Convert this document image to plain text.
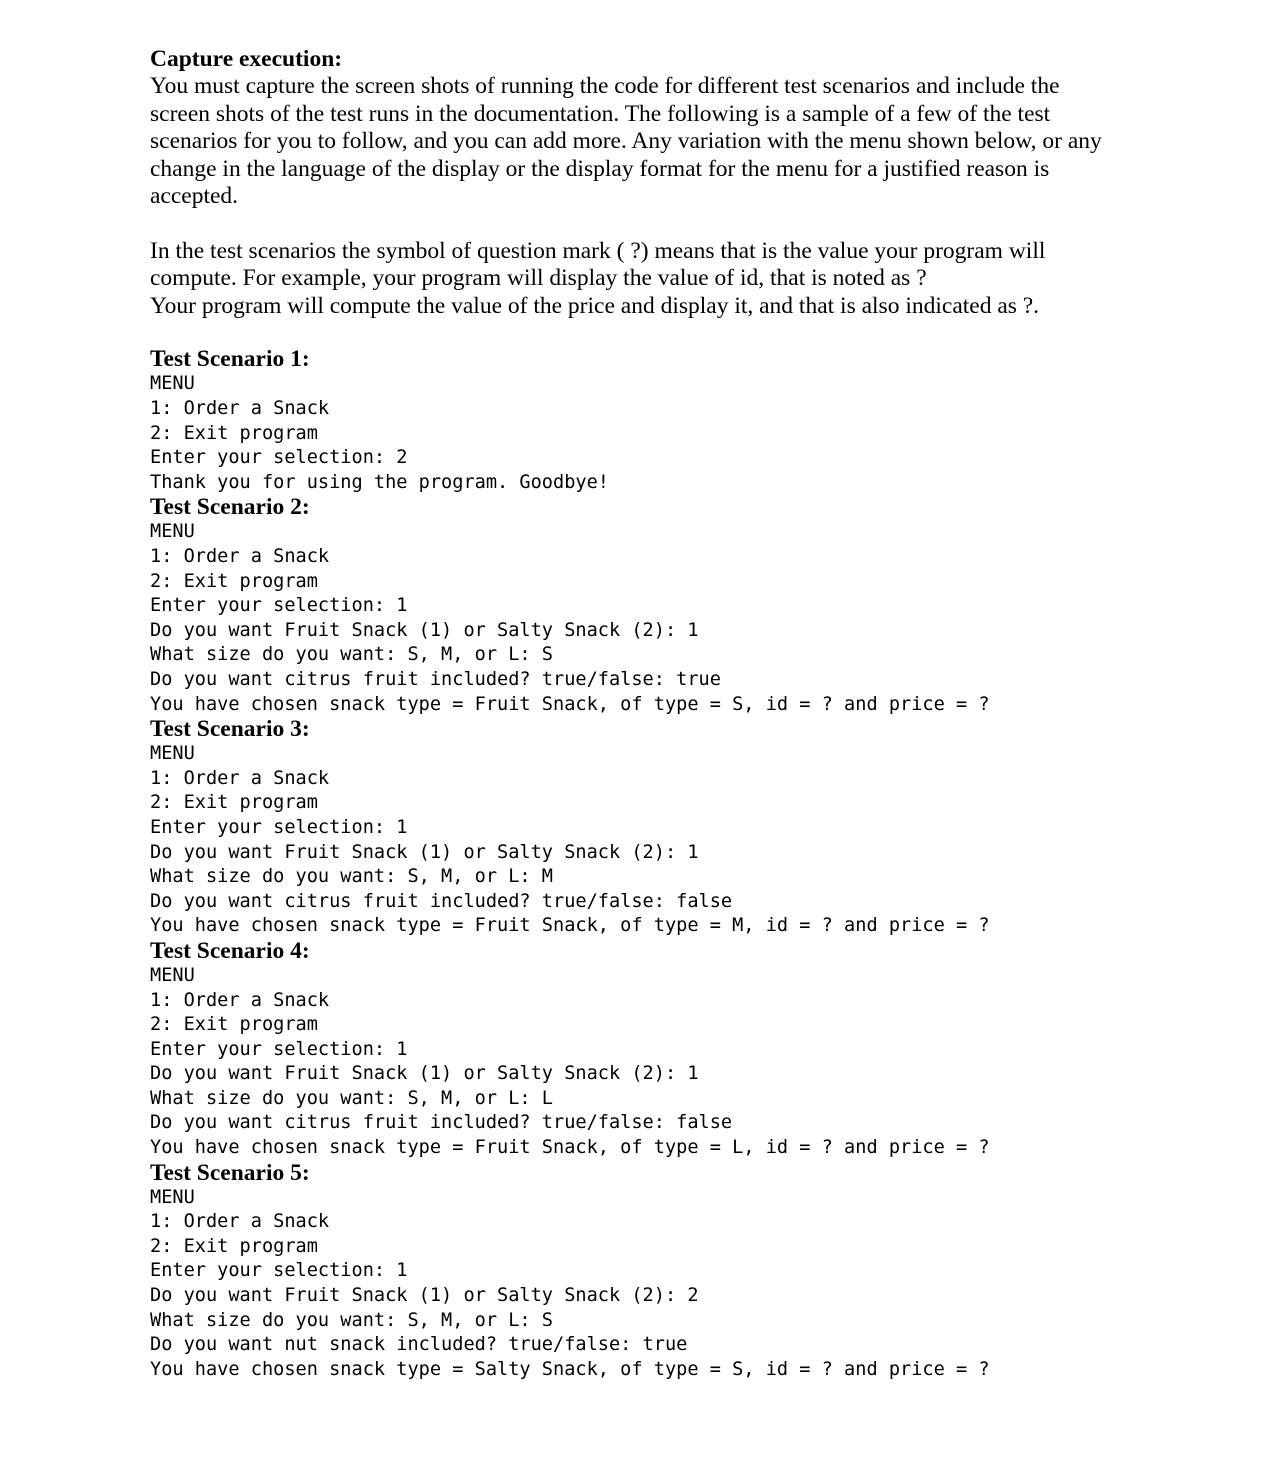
Capture execution:

You must capture the screen shots of running the code for different test scenarios and include the

screen shots of the test runs in the documentation. The following is a sample of a few of the test

scenarios for you to follow, and you can add more. Any variation with the menu shown below, or any

change in the language of the display or the display format for the menu for a justified reason is

accepted.

In the test scenarios the symbol of question mark ( ?) means that is the value your program will

compute. For example, your program will display the value of id, that is noted as ?

Your program will compute the value of the price and display it, and that is also indicated as ?.

Test Scenario 1:

MENU

1: Order a Snack

2: Exit program

Enter your selection: 2

Thank you for using the program. Goodbye!

Test Scenario 2:

MENU

1: Order a Snack

2: Exit program

Enter your selection: 1

Do you want Fruit Snack (1) or Salty Snack (2): 1

What size do you want: S, M, or L: S

Do you want citrus fruit included? true/false: true

You have chosen snack type = Fruit Snack, of type = S, id = ? and price = ?

Test Scenario 3:

MENU

1: Order a Snack

2: Exit program

Enter your selection: 1

Do you want Fruit Snack (1) or Salty Snack (2): 1

What size do you want: S, M, or L: M

Do you want citrus fruit included? true/false: false

You have chosen snack type = Fruit Snack, of type = M, id = ? and price = ?

Test Scenario 4:

MENU

1: Order a Snack

2: Exit program

Enter your selection: 1

Do you want Fruit Snack (1) or Salty Snack (2): 1

What size do you want: S, M, or L: L

Do you want citrus fruit included? true/false: false

You have chosen snack type = Fruit Snack, of type = L, id = ? and price = ?

Test Scenario 5:

MENU

1: Order a Snack

2: Exit program

Enter your selection: 1

Do you want Fruit Snack (1) or Salty Snack (2): 2

What size do you want: S, M, or L: S

Do you want nut snack included? true/false: true

You have chosen snack type = Salty Snack, of type = S, id = ? and price = ?
